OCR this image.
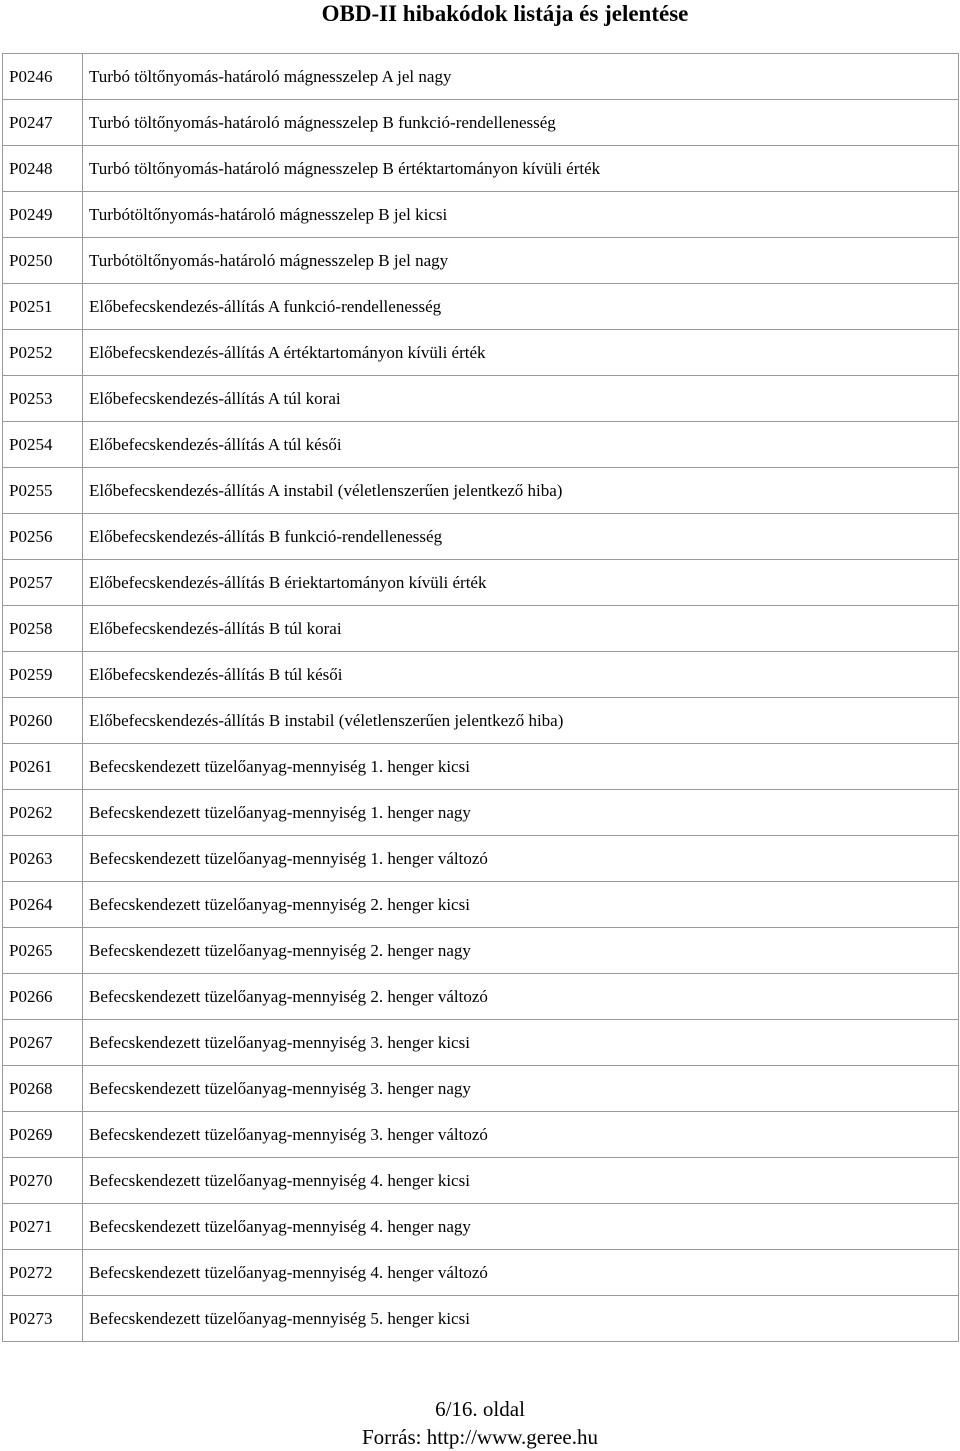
OBD-II hibakódok listája és jelentése
P0246	Turbó töltőnyomás-határoló mágnesszelep A jel nagy
P0247	Turbó töltőnyomás-határoló mágnesszelep B funkció-rendellenesség
P0248	Turbó töltőnyomás-határoló mágnesszelep B értéktartományon kívüli érték
P0249	Turbótöltőnyomás-határoló mágnesszelep B jel kicsi
P0250	Turbótöltőnyomás-határoló mágnesszelep B jel nagy
P0251	Előbefecskendezés-állítás A funkció-rendellenesség
P0252	Előbefecskendezés-állítás A értéktartományon kívüli érték
P0253	Előbefecskendezés-állítás A túl korai
P0254	Előbefecskendezés-állítás A túl késői
P0255	Előbefecskendezés-állítás A instabil (véletlenszerűen jelentkező hiba)
P0256	Előbefecskendezés-állítás B funkció-rendellenesség
P0257	Előbefecskendezés-állítás B ériektartományon kívüli érték
P0258	Előbefecskendezés-állítás B túl korai
P0259	Előbefecskendezés-állítás B túl késői
P0260	Előbefecskendezés-állítás B instabil (véletlenszerűen jelentkező hiba)
P0261	Befecskendezett tüzelőanyag-mennyiség 1. henger kicsi
P0262	Befecskendezett tüzelőanyag-mennyiség 1. henger nagy
P0263	Befecskendezett tüzelőanyag-mennyiség 1. henger változó
P0264	Befecskendezett tüzelőanyag-mennyiség 2. henger kicsi
P0265	Befecskendezett tüzelőanyag-mennyiség 2. henger nagy
P0266	Befecskendezett tüzelőanyag-mennyiség 2. henger változó
P0267	Befecskendezett tüzelőanyag-mennyiség 3. henger kicsi
P0268	Befecskendezett tüzelőanyag-mennyiség 3. henger nagy
P0269	Befecskendezett tüzelőanyag-mennyiség 3. henger változó
P0270	Befecskendezett tüzelőanyag-mennyiség 4. henger kicsi
P0271	Befecskendezett tüzelőanyag-mennyiség 4. henger nagy
P0272	Befecskendezett tüzelőanyag-mennyiség 4. henger változó
P0273	Befecskendezett tüzelőanyag-mennyiség 5. henger kicsi
6/16. oldal
Forrás: http://www.geree.hu
